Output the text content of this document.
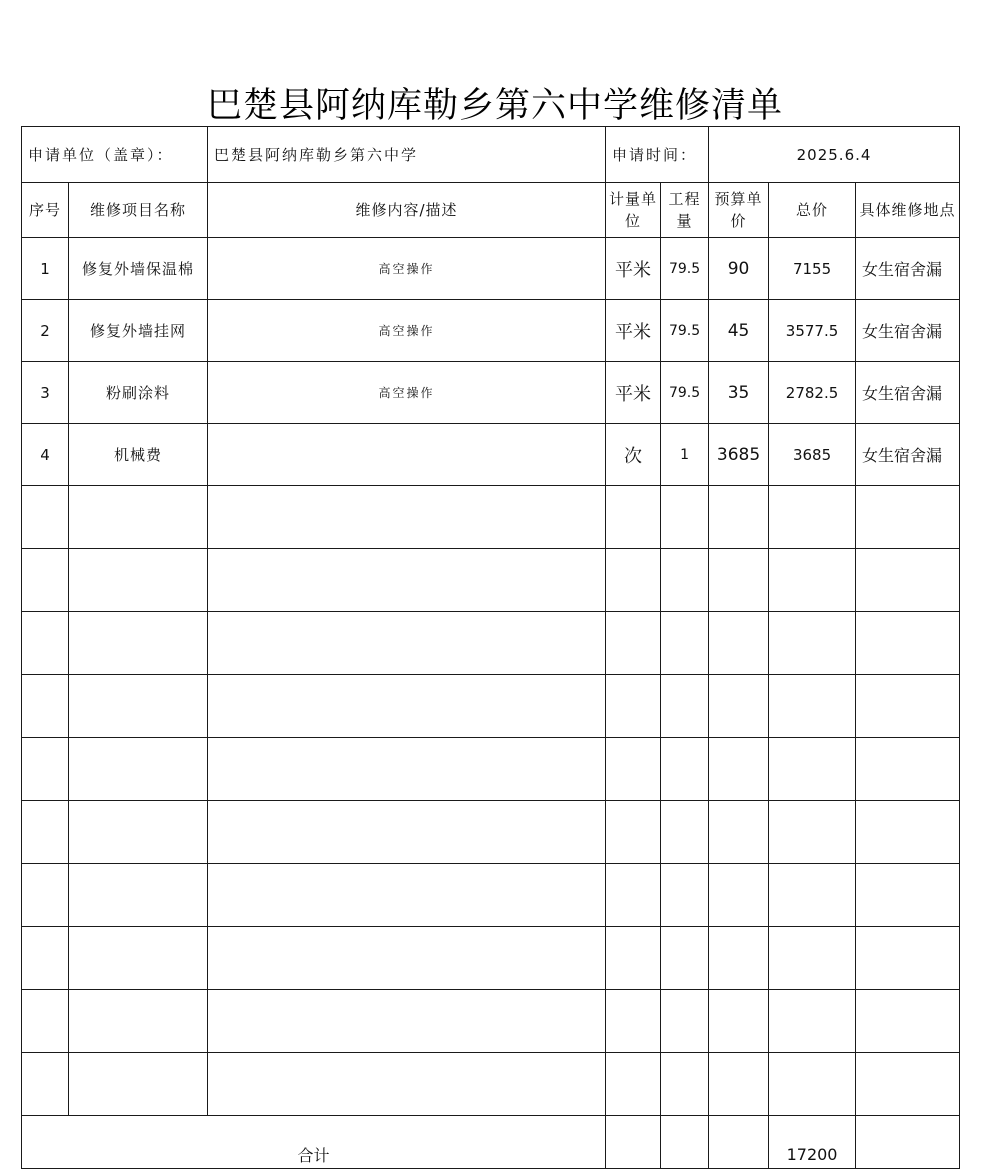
巴楚县阿纳库勒乡第六中学维修清单
申请单位（盖章）：		巴楚县阿纳库勒乡第六中学	申请时间：		2025.6.4		
序号	维修项目名称	维修内容/描述	计量单位	工程量	预算单价	总价	具体维修地点
1	修复外墙保温棉	高空操作	平米	79.5	90	7155	女生宿舍漏
2	修复外墙挂网	高空操作	平米	79.5	45	3577.5	女生宿舍漏
3	粉刷涂料	高空操作	平米	79.5	35	2782.5	女生宿舍漏
4	机械费		次	1	3685	3685	女生宿舍漏

合计						17200	
